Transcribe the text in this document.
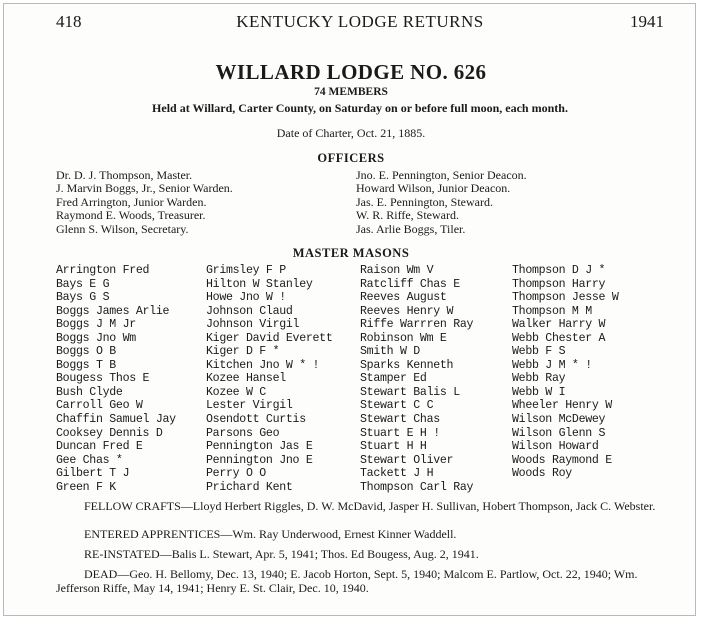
418	KENTUCKY LODGE RETURNS	1941
WILLARD LODGE NO. 626
74 MEMBERS
Held at Willard, Carter County, on Saturday on or before full moon, each month.
Date of Charter, Oct. 21, 1885.
OFFICERS
Dr. D. J. Thompson, Master.
J. Marvin Boggs, Jr., Senior Warden.
Fred Arrington, Junior Warden.
Raymond E. Woods, Treasurer.
Glenn S. Wilson, Secretary.
Jno. E. Pennington, Senior Deacon.
Howard Wilson, Junior Deacon.
Jas. E. Pennington, Steward.
W. R. Riffe, Steward.
Jas. Arlie Boggs, Tiler.
MASTER MASONS
Arrington Fred
Bays E G
Bays G S
Boggs James Arlie
Boggs J M Jr
Boggs Jno Wm
Boggs O B
Boggs T B
Bougess Thos E
Bush Clyde
Carroll Geo W
Chaffin Samuel Jay
Cooksey Dennis D
Duncan Fred E
Gee Chas *
Gilbert T J
Green F K
Grimsley F P
Hilton W Stanley
Howe Jno W !
Johnson Claud
Johnson Virgil
Kiger David Everett
Kiger D F *
Kitchen Jno W * !
Kozee Hansel
Kozee W C
Lester Virgil
Osendott Curtis
Parsons Geo
Pennington Jas E
Pennington Jno E
Perry O O
Prichard Kent
Raison Wm V
Ratcliff Chas E
Reeves August
Reeves Henry W
Riffe Warrren Ray
Robinson Wm E
Smith W D
Sparks Kenneth
Stamper Ed
Stewart Balis L
Stewart C C
Stewart Chas
Stuart E H !
Stuart H H
Stewart Oliver
Tackett J H
Thompson Carl Ray
Thompson D J *
Thompson Harry
Thompson Jesse W
Thompson M M
Walker Harry W
Webb Chester A
Webb F S
Webb J M * !
Webb Ray
Webb W I
Wheeler Henry W
Wilson McDewey
Wilson Glenn S
Wilson Howard
Woods Raymond E
Woods Roy
FELLOW CRAFTS—Lloyd Herbert Riggles, D. W. McDavid, Jasper H. Sullivan, Hobert Thompson, Jack C. Webster.
ENTERED APPRENTICES—Wm. Ray Underwood, Ernest Kinner Waddell.
RE-INSTATED—Balis L. Stewart, Apr. 5, 1941; Thos. Ed Bougess, Aug. 2, 1941.
DEAD—Geo. H. Bellomy, Dec. 13, 1940; E. Jacob Horton, Sept. 5, 1940; Malcom E. Partlow, Oct. 22, 1940; Wm. Jefferson Riffe, May 14, 1941; Henry E. St. Clair, Dec. 10, 1940.
